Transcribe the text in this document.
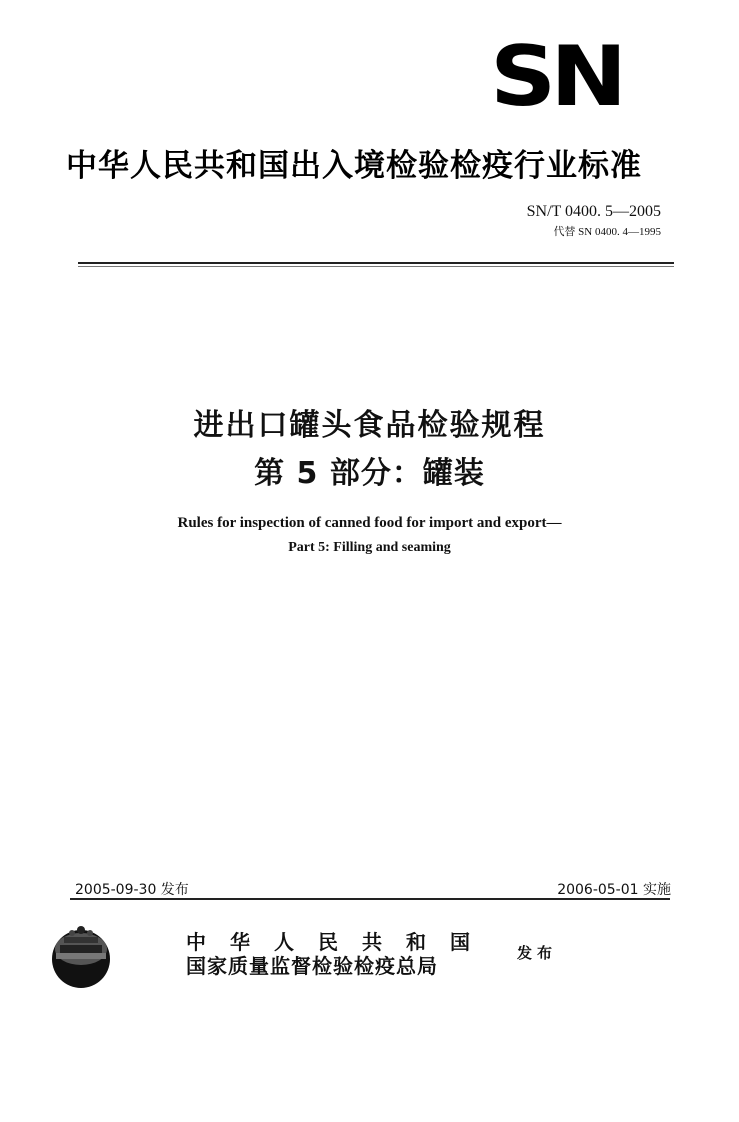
SN
中华人民共和国出入境检验检疫行业标准
SN/T 0400. 5—2005
代替 SN 0400. 4—1995
进出口罐头食品检验规程
第 5 部分：罐装
Rules for inspection of canned food for import and export—
Part 5: Filling and seaming
2005-09-30 发布	2006-05-01 实施
中华人民共和国
国家质量监督检验检疫总局
发布
